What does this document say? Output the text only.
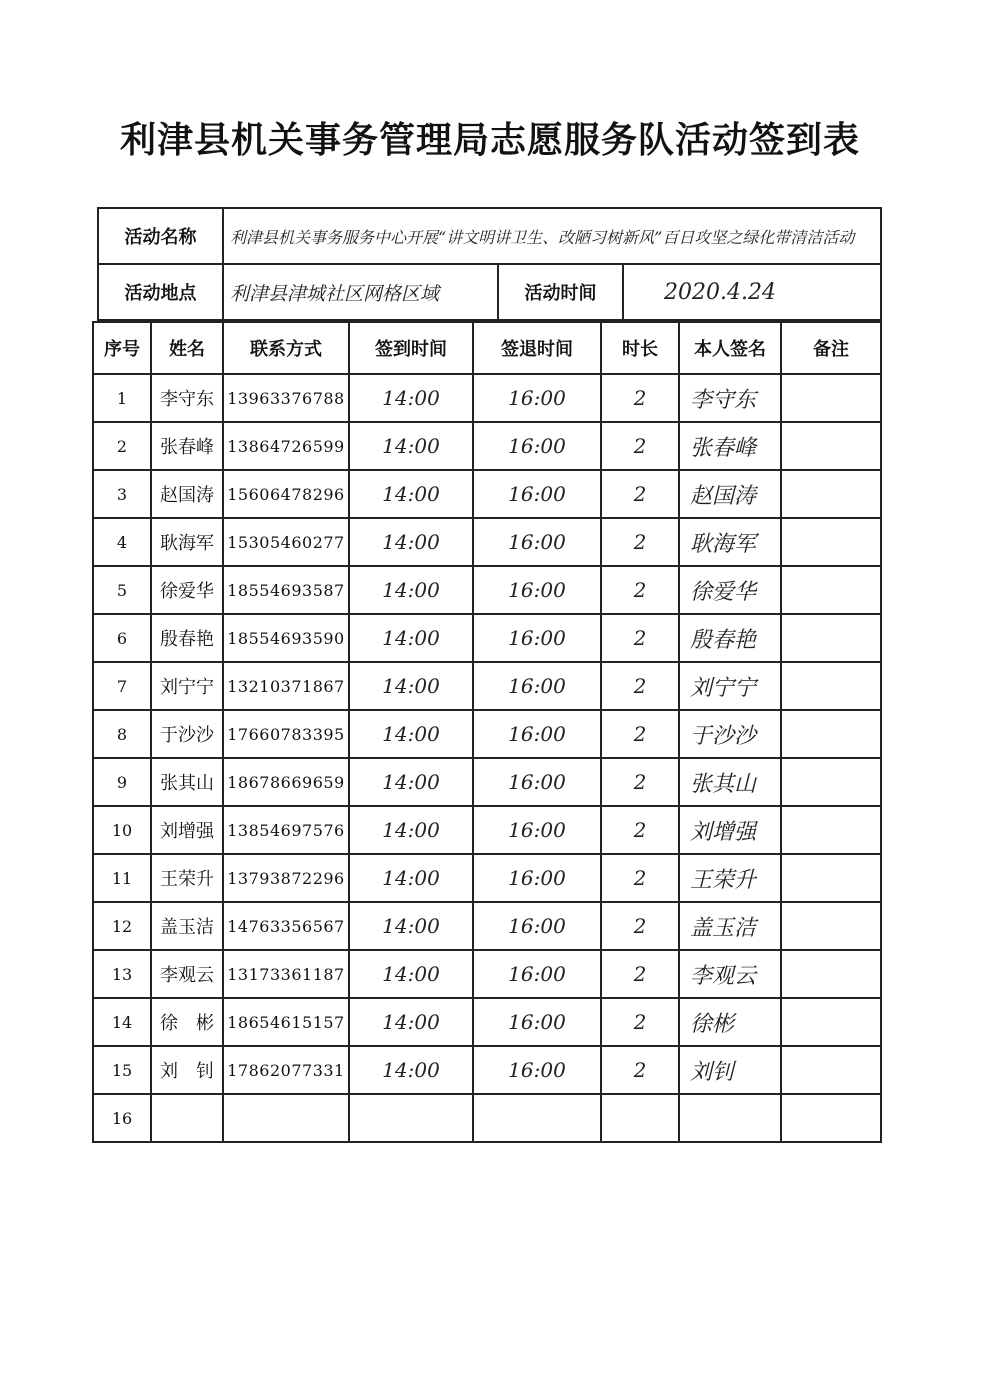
利津县机关事务管理局志愿服务队活动签到表
活动名称	利津县机关事务服务中心开展“讲文明讲卫生、改陋习树新风”百日攻坚之绿化带清洁活动		
活动地点	利津县津城社区网格区域	活动时间	2020.4.24
序号	姓名	联系方式	签到时间	签退时间	时长	本人签名	备注
1	李守东	13963376788	14:00	16:00	2	李守东	
2	张春峰	13864726599	14:00	16:00	2	张春峰	
3	赵国涛	15606478296	14:00	16:00	2	赵国涛	
4	耿海军	15305460277	14:00	16:00	2	耿海军	
5	徐爱华	18554693587	14:00	16:00	2	徐爱华	
6	殷春艳	18554693590	14:00	16:00	2	殷春艳	
7	刘宁宁	13210371867	14:00	16:00	2	刘宁宁	
8	于沙沙	17660783395	14:00	16:00	2	于沙沙	
9	张其山	18678669659	14:00	16:00	2	张其山	
10	刘增强	13854697576	14:00	16:00	2	刘增强	
11	王荣升	13793872296	14:00	16:00	2	王荣升	
12	盖玉洁	14763356567	14:00	16:00	2	盖玉洁	
13	李观云	13173361187	14:00	16:00	2	李观云	
14	徐　彬	18654615157	14:00	16:00	2	徐彬	
15	刘　钊	17862077331	14:00	16:00	2	刘钊	
16							
